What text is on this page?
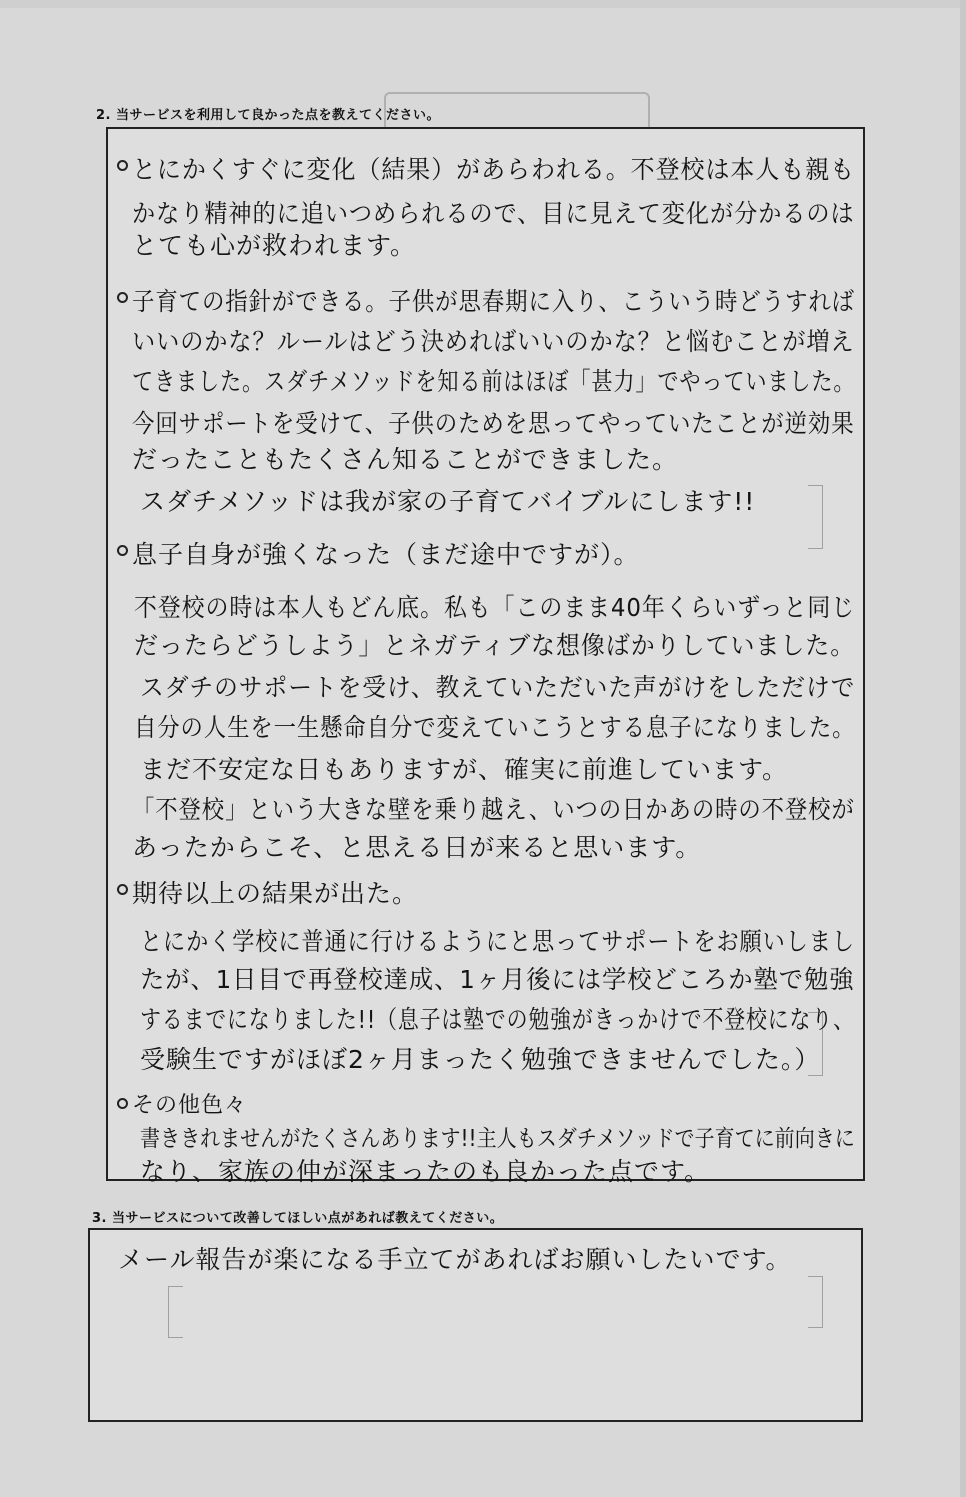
2. 当サービスを利用して良かった点を教えてください。
とにかくすぐに変化（結果）があらわれる。不登校は本人も親も
かなり精神的に追いつめられるので、目に見えて変化が分かるのは
とても心が救われます。
子育ての指針ができる。子供が思春期に入り、こういう時どうすれば
いいのかな？ルールはどう決めればいいのかな？と悩むことが増え
てきました。スダチメソッドを知る前はほぼ「甚力」でやっていました。
今回サポートを受けて、子供のためを思ってやっていたことが逆効果
だったこともたくさん知ることができました。
スダチメソッドは我が家の子育てバイブルにします!!
息子自身が強くなった（まだ途中ですが）。
不登校の時は本人もどん底。私も「このまま40年くらいずっと同じ
だったらどうしよう」とネガティブな想像ばかりしていました。
スダチのサポートを受け、教えていただいた声がけをしただけで
自分の人生を一生懸命自分で変えていこうとする息子になりました。
まだ不安定な日もありますが、確実に前進しています。
「不登校」という大きな壁を乗り越え、いつの日かあの時の不登校が
あったからこそ、と思える日が来ると思います。
期待以上の結果が出た。
とにかく学校に普通に行けるようにと思ってサポートをお願いしまし
たが、1日目で再登校達成、1ヶ月後には学校どころか塾で勉強
するまでになりました!!（息子は塾での勉強がきっかけで不登校になり、
受験生ですがほぼ2ヶ月まったく勉強できませんでした。）
その他色々
書ききれませんがたくさんあります!!主人もスダチメソッドで子育てに前向きに
なり、家族の仲が深まったのも良かった点です。
3. 当サービスについて改善してほしい点があれば教えてください。
メール報告が楽になる手立てがあればお願いしたいです。
